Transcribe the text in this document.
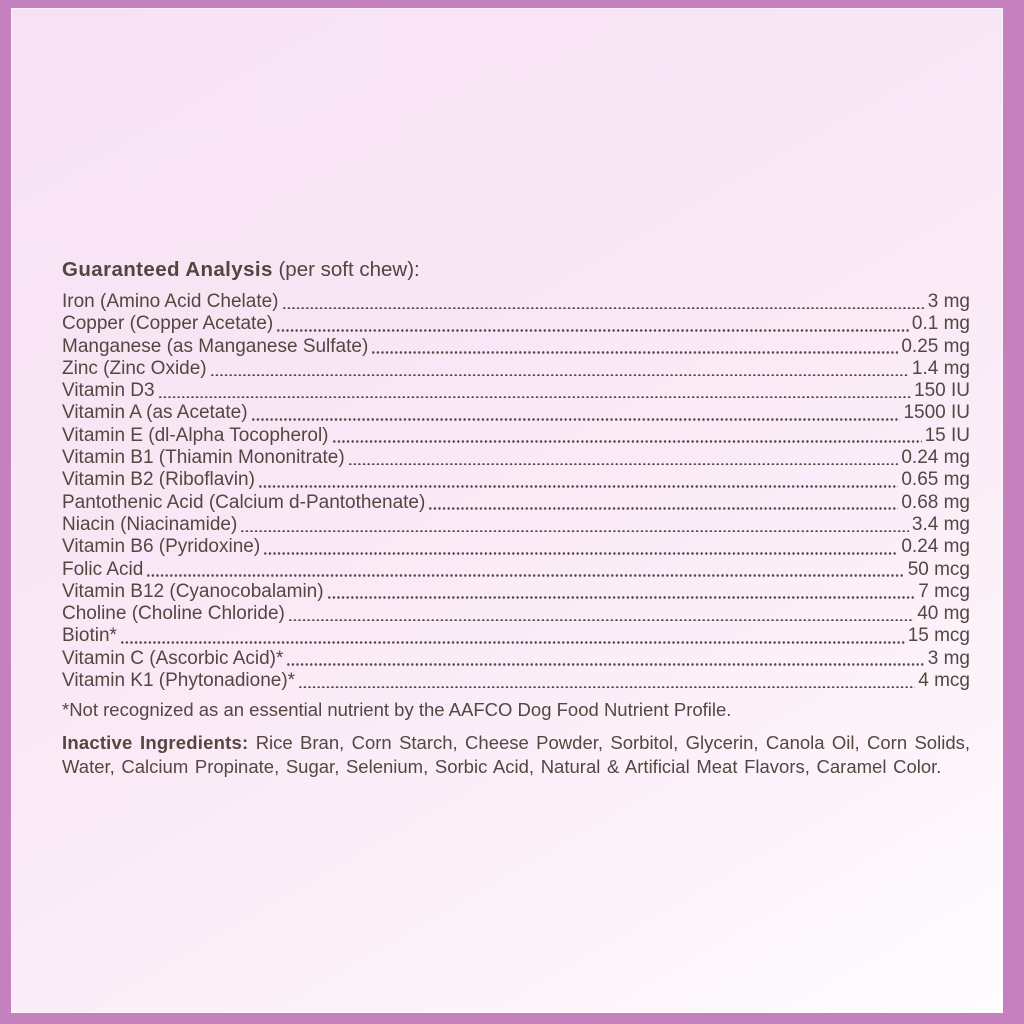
Guaranteed Analysis (per soft chew):
Iron (Amino Acid Chelate)	3 mg
Copper (Copper Acetate)	0.1 mg
Manganese (as Manganese Sulfate)	0.25 mg
Zinc (Zinc Oxide)	1.4 mg
Vitamin D3	150 IU
Vitamin A (as Acetate)	1500 IU
Vitamin E (dl-Alpha Tocopherol)	15 IU
Vitamin B1 (Thiamin Mononitrate)	0.24 mg
Vitamin B2 (Riboflavin)	0.65 mg
Pantothenic Acid (Calcium d-Pantothenate)	0.68 mg
Niacin (Niacinamide)	3.4 mg
Vitamin B6 (Pyridoxine)	0.24 mg
Folic Acid	50 mcg
Vitamin B12 (Cyanocobalamin)	7 mcg
Choline (Choline Chloride)	40 mg
Biotin*	15 mcg
Vitamin C (Ascorbic Acid)*	3 mg
Vitamin K1 (Phytonadione)*	4 mcg

*Not recognized as an essential nutrient by the AAFCO Dog Food Nutrient Profile.

Inactive Ingredients: Rice Bran, Corn Starch, Cheese Powder, Sorbitol, Glycerin, Canola Oil, Corn Solids, Water, Calcium Propinate, Sugar, Selenium, Sorbic Acid, Natural & Artificial Meat Flavors, Caramel Color.
